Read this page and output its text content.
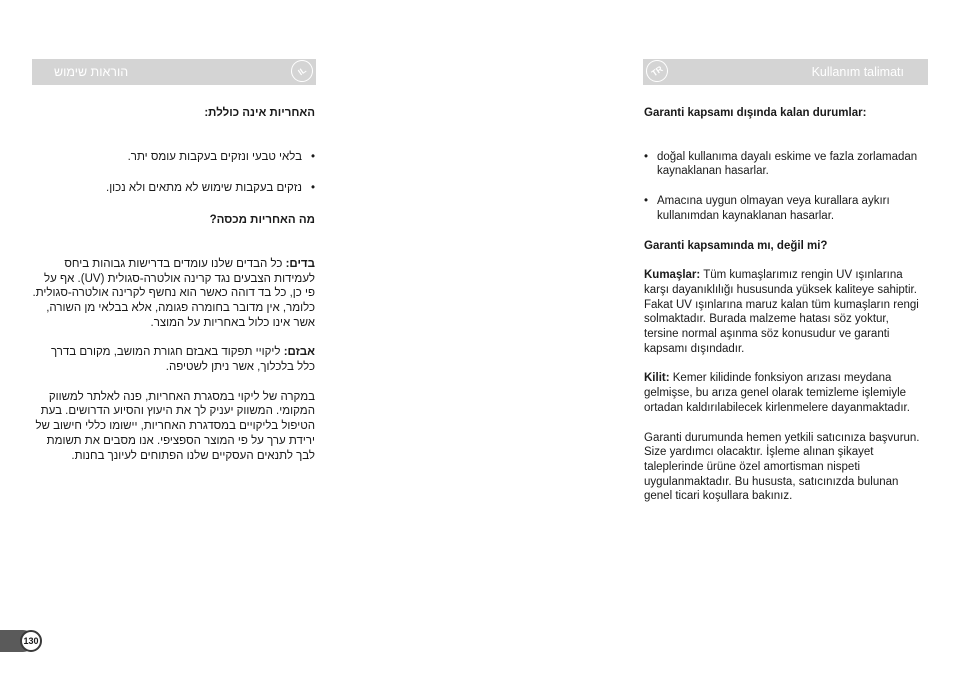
הוראות שימוש	IL	TR	Kullanım talimatı

האחריות אינה כוללת:

•
בלאי טבעי ונזקים בעקבות עומס יתר.
•
נזקים בעקבות שימוש לא מתאים ולא נכון.

מה האחריות מכסה?

בדים: כל הבדים שלנו עומדים בדרישות גבוהות ביחס לעמידות הצבעים נגד קרינה אולטרה-סגולית (UV). אף על פי כן, כל בד דוהה כאשר הוא נחשף לקרינה אולטרה-סגולית. כלומר, אין מדובר בחומרה פגומה, אלא בבלאי מן השורה, אשר אינו כלול באחריות על המוצר.

אבזם: ליקויי תפקוד באבזם חגורת המושב, מקורם בדרך כלל בלכלוך, אשר ניתן לשטיפה.

במקרה של ליקוי במסגרת האחריות, פנה לאלתר למשווק המקומי. המשווק יעניק לך את היעוץ והסיוע הדרושים. בעת הטיפול בליקויים במסדגרת האחריות, יישומו כללי חישוב של ירידת ערך על פי המוצר הספציפי. אנו מסבים את תשומת לבך לתנאים העסקיים שלנו הפתוחים לעיונך בחנות.

Garanti kapsamı dışında kalan durumlar:

• doğal kullanıma dayalı eskime ve fazla zorlamadan kaynaklanan hasarlar.
• Amacına uygun olmayan veya kurallara aykırı kullanımdan kaynaklanan hasarlar.

Garanti kapsamında mı, değil mi?

Kumaşlar: Tüm kumaşlarımız rengin UV ışınlarına karşı dayanıklılığı hususunda yüksek kaliteye sahiptir. Fakat UV ışınlarına maruz kalan tüm kumaşların rengi solmaktadır. Burada malzeme hatası söz yoktur, tersine normal aşınma söz konusudur ve garanti kapsamı dışındadır.

Kilit: Kemer kilidinde fonksiyon arızası meydana gelmişse, bu arıza genel olarak temizleme işlemiyle ortadan kaldırılabilecek kirlenmelere dayanmaktadır.

Garanti durumunda hemen yetkili satıcınıza başvurun. Size yardımcı olacaktır. İşleme alınan şikayet taleplerinde ürüne özel amortisman nispeti uygulanmaktadır. Bu hususta, satıcınızda bulunan genel ticari koşullara bakınız.

130
